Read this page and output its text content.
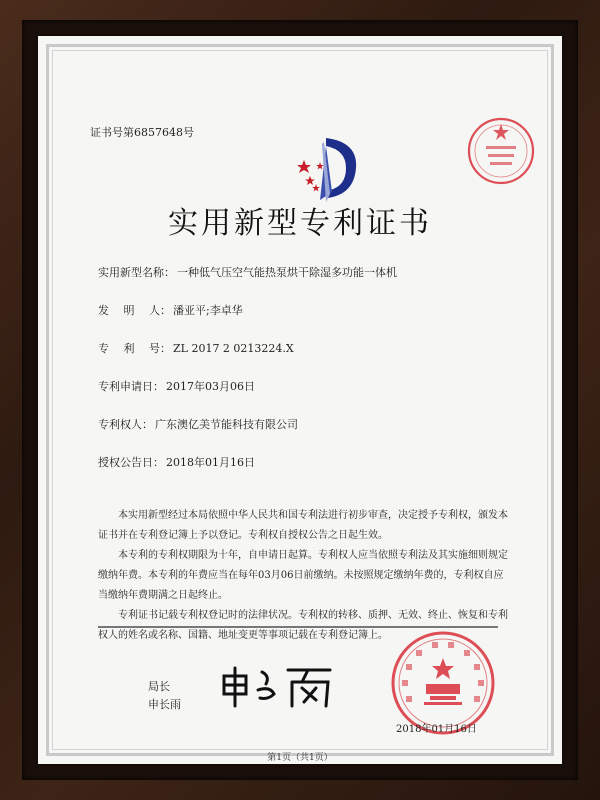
证书号第6857648号
实用新型专利证书
实用新型名称： 一种低气压空气能热泵烘干除湿多功能一体机
发　 明　 人： 潘亚平;李卓华
专　 利　 号： ZL 2017 2 0213224.X
专利申请日： 2017年03月06日
专利权人： 广东澳亿美节能科技有限公司
授权公告日： 2018年01月16日

本实用新型经过本局依照中华人民共和国专利法进行初步审查，决定授予专利权，颁发本证书并在专利登记簿上予以登记。专利权自授权公告之日起生效。

本专利的专利权期限为十年，自申请日起算。专利权人应当依照专利法及其实施细则规定缴纳年费。本专利的年费应当在每年03月06日前缴纳。未按照规定缴纳年费的，专利权自应当缴纳年费期满之日起终止。

专利证书记载专利权登记时的法律状况。专利权的转移、质押、无效、终止、恢复和专利权人的姓名或名称、国籍、地址变更等事项记载在专利登记簿上。

局长
申长雨
2018年01月16日
第1页（共1页）
